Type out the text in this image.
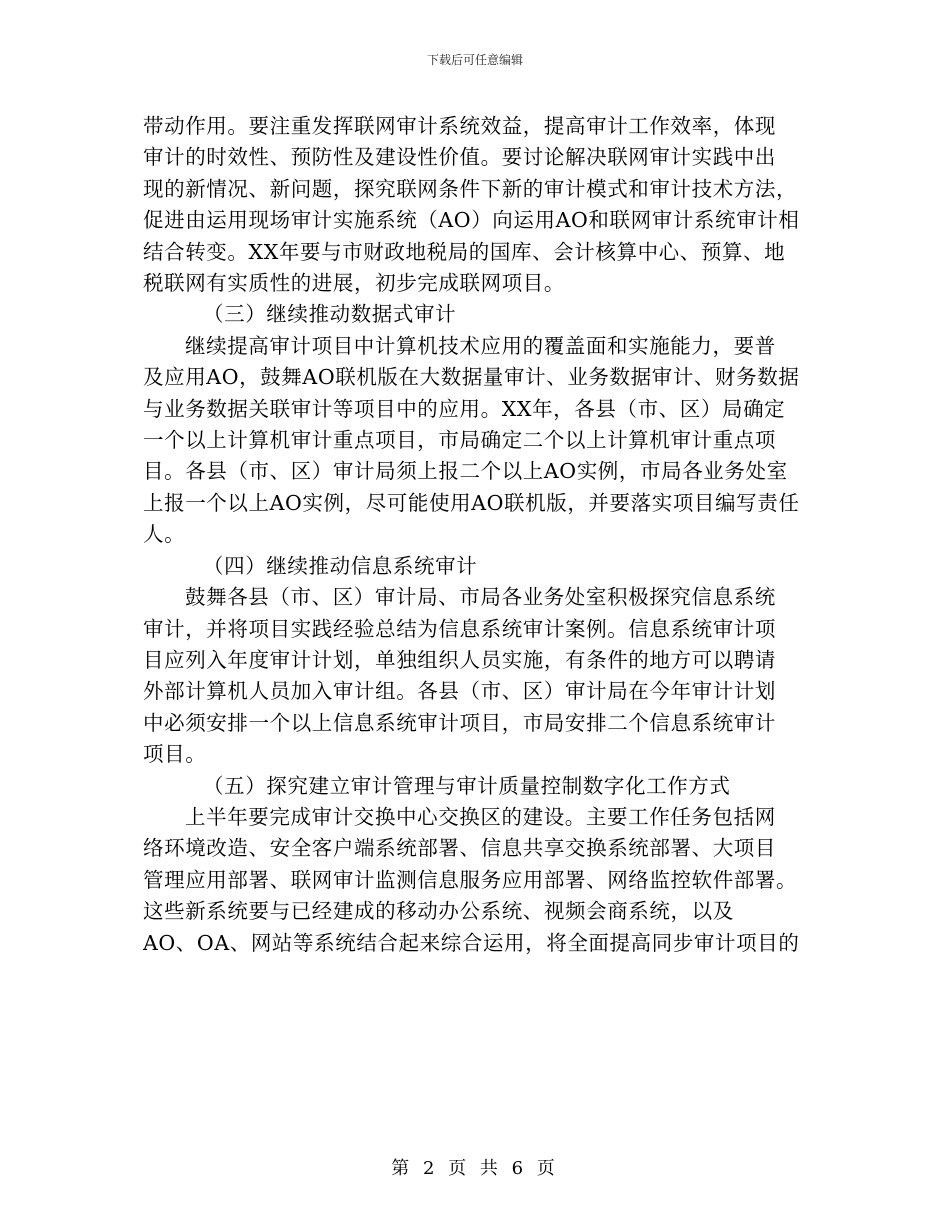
下载后可任意编辑

带动作用。要注重发挥联网审计系统效益，提高审计工作效率，体现
审计的时效性、预防性及建设性价值。要讨论解决联网审计实践中出
现的新情况、新问题，探究联网条件下新的审计模式和审计技术方法，
促进由运用现场审计实施系统（AO）向运用AO和联网审计系统审计相
结合转变。XX年要与市财政地税局的国库、会计核算中心、预算、地
税联网有实质性的进展，初步完成联网项目。

（三）继续推动数据式审计

继续提高审计项目中计算机技术应用的覆盖面和实施能力，要普
及应用AO，鼓舞AO联机版在大数据量审计、业务数据审计、财务数据
与业务数据关联审计等项目中的应用。XX年，各县（市、区）局确定
一个以上计算机审计重点项目，市局确定二个以上计算机审计重点项
目。各县（市、区）审计局须上报二个以上AO实例，市局各业务处室
上报一个以上AO实例，尽可能使用AO联机版，并要落实项目编写责任
人。

（四）继续推动信息系统审计

鼓舞各县（市、区）审计局、市局各业务处室积极探究信息系统
审计，并将项目实践经验总结为信息系统审计案例。信息系统审计项
目应列入年度审计计划，单独组织人员实施，有条件的地方可以聘请
外部计算机人员加入审计组。各县（市、区）审计局在今年审计计划
中必须安排一个以上信息系统审计项目，市局安排二个信息系统审计
项目。

（五）探究建立审计管理与审计质量控制数字化工作方式

上半年要完成审计交换中心交换区的建设。主要工作任务包括网
络环境改造、安全客户端系统部署、信息共享交换系统部署、大项目
管理应用部署、联网审计监测信息服务应用部署、网络监控软件部署。
这些新系统要与已经建成的移动办公系统、视频会商系统，以及
AO、OA、网站等系统结合起来综合运用，将全面提高同步审计项目的

第 2 页 共 6 页
